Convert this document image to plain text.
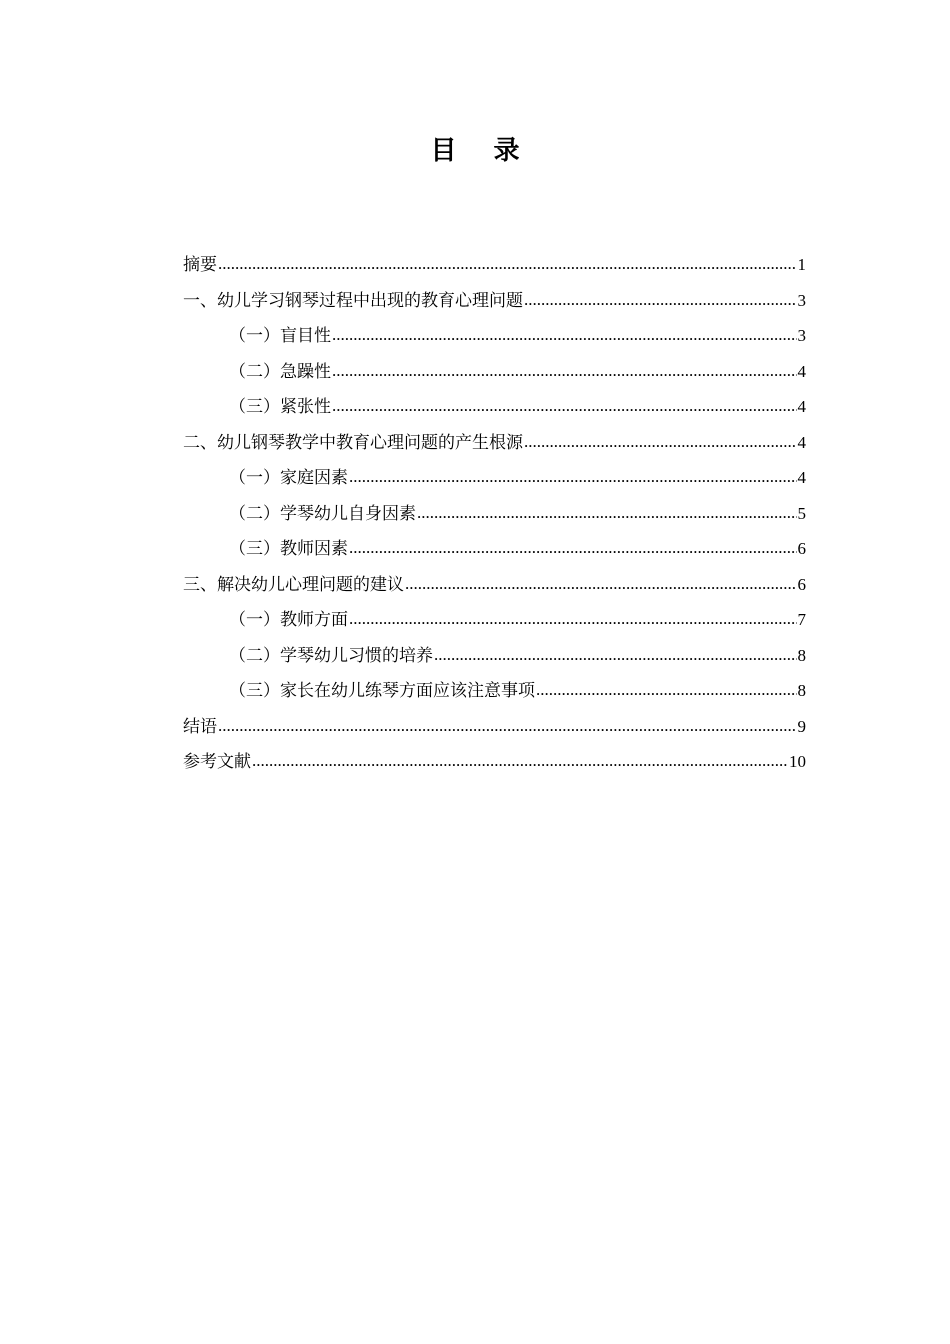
目 录
摘要 .....	1
一、幼儿学习钢琴过程中出现的教育心理问题 .....	3
（一）盲目性 .....	3
（二）急躁性 .....	4
（三）紧张性 .....	4
二、幼儿钢琴教学中教育心理问题的产生根源 .....	4
（一）家庭因素 .....	4
（二）学琴幼儿自身因素 .....	5
（三）教师因素 .....	6
三、解决幼儿心理问题的建议 .....	6
（一）教师方面 .....	7
（二）学琴幼儿习惯的培养 .....	8
（三）家长在幼儿练琴方面应该注意事项 .....	8
结语 .....	9
参考文献 .....	10
